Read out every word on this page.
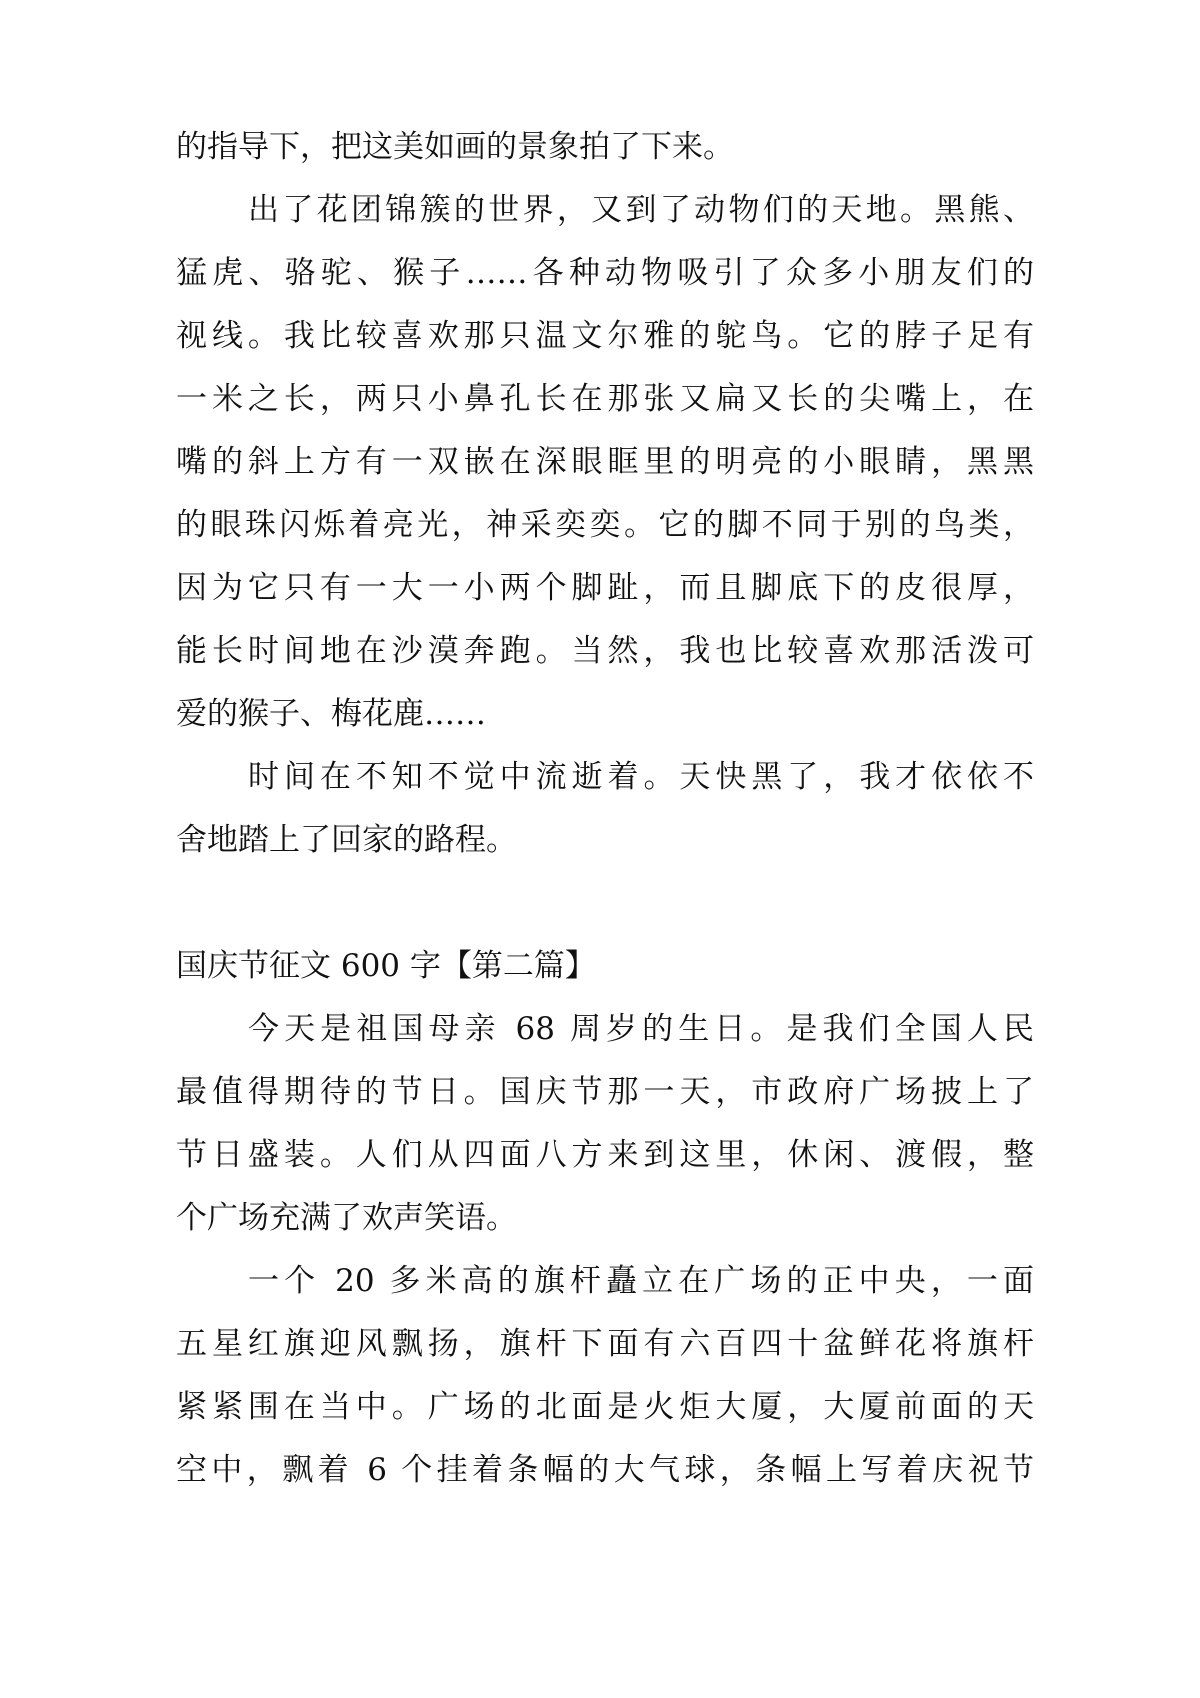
的指导下，把这美如画的景象拍了下来。
出了花团锦簇的世界，又到了动物们的天地。黑熊、
猛虎、骆驼、猴子……各种动物吸引了众多小朋友们的
视线。我比较喜欢那只温文尔雅的鸵鸟。它的脖子足有
一米之长，两只小鼻孔长在那张又扁又长的尖嘴上，在
嘴的斜上方有一双嵌在深眼眶里的明亮的小眼睛，黑黑
的眼珠闪烁着亮光，神采奕奕。它的脚不同于别的鸟类，
因为它只有一大一小两个脚趾，而且脚底下的皮很厚，
能长时间地在沙漠奔跑。当然，我也比较喜欢那活泼可
爱的猴子、梅花鹿……
时间在不知不觉中流逝着。天快黑了，我才依依不
舍地踏上了回家的路程。
国庆节征文 600 字【第二篇】
今天是祖国母亲 68 周岁的生日。是我们全国人民
最值得期待的节日。国庆节那一天，市政府广场披上了
节日盛装。人们从四面八方来到这里，休闲、渡假，整
个广场充满了欢声笑语。
一个 20 多米高的旗杆矗立在广场的正中央，一面
五星红旗迎风飘扬，旗杆下面有六百四十盆鲜花将旗杆
紧紧围在当中。广场的北面是火炬大厦，大厦前面的天
空中，飘着 6 个挂着条幅的大气球，条幅上写着庆祝节
